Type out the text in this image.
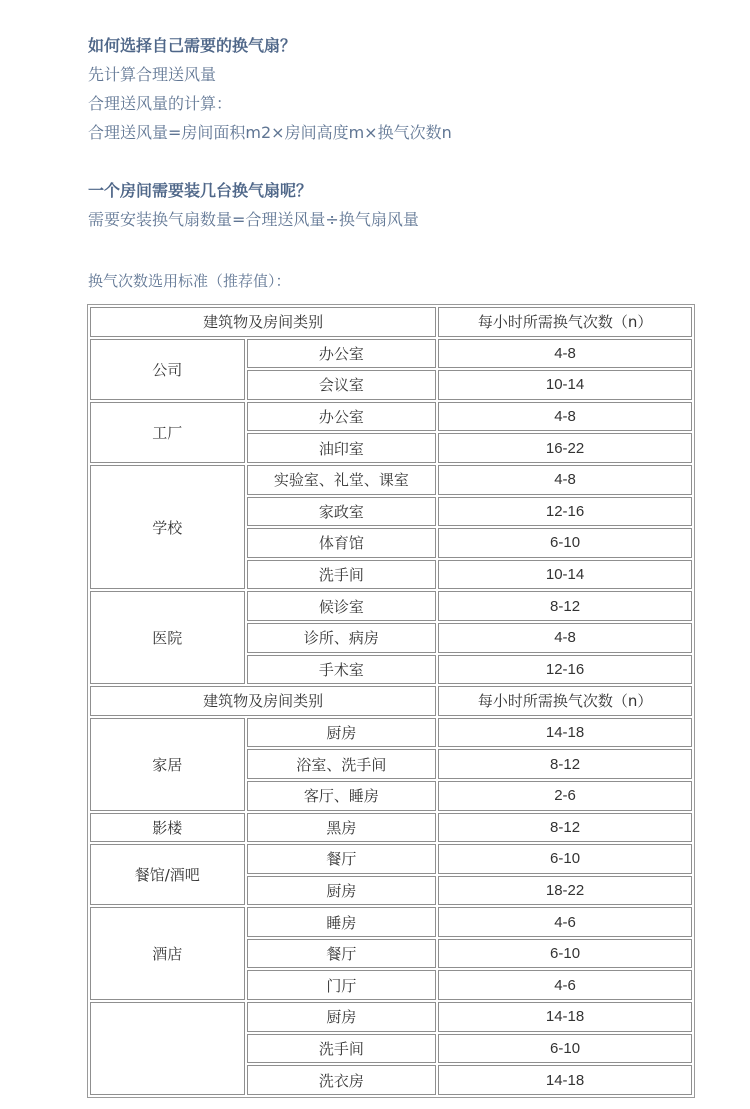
如何选择自己需要的换气扇？
先计算合理送风量
合理送风量的计算：
合理送风量=房间面积m2×房间高度m×换气次数n
一个房间需要装几台换气扇呢？
需要安装换气扇数量=合理送风量÷换气扇风量
换气次数选用标准（推荐值）：
建筑物及房间类别		每小时所需换气次数（n）
公司	办公室	4-8
	会议室	10-14
工厂	办公室	4-8
	油印室	16-22
学校	实验室、礼堂、课室	4-8
	家政室	12-16
	体育馆	6-10
	洗手间	10-14
医院	候诊室	8-12
	诊所、病房	4-8
	手术室	12-16
建筑物及房间类别		每小时所需换气次数（n）
家居	厨房	14-18
	浴室、洗手间	8-12
	客厅、睡房	2-6
影楼	黑房	8-12
餐馆/酒吧	餐厅	6-10
	厨房	18-22
酒店	睡房	4-6
	餐厅	6-10
	门厅	4-6
	厨房	14-18
	洗手间	6-10
	洗衣房	14-18
